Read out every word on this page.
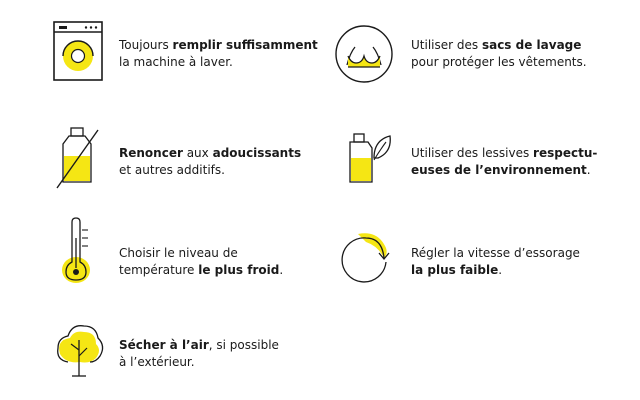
Toujours remplir suffisamment
la machine à laver.
Utiliser des sacs de lavage
pour protéger les vêtements.
Renoncer aux adoucissants
et autres additifs.
Utiliser des lessives respectu-
euses de l’environnement.
Choisir le niveau de
température le plus froid.
Régler la vitesse d’essorage
la plus faible.
Sécher à l’air, si possible
à l’extérieur.
